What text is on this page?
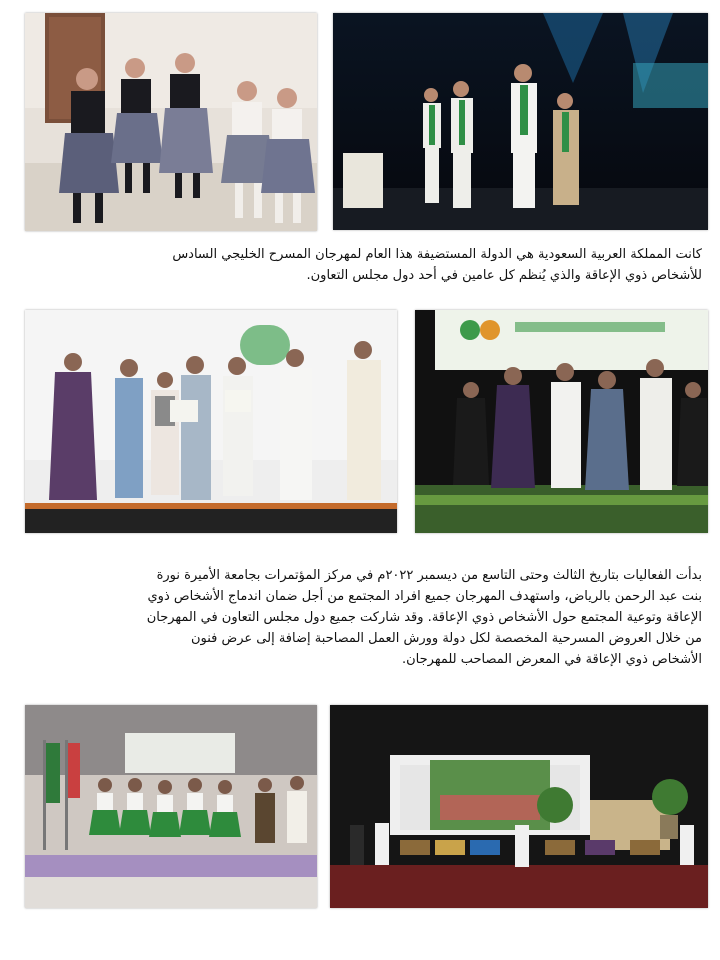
كانت المملكة العربية السعودية هي الدولة المستضيفة هذا العام لمهرجان المسرح الخليجي السادس
للأشخاص ذوي الإعاقة والذي يُنظم كل عامين في أحد دول مجلس التعاون.
بدأت الفعاليات بتاريخ الثالث وحتى التاسع من ديسمبر ٢٠٢٢م في مركز المؤتمرات بجامعة الأميرة نورة
بنت عبد الرحمن بالرياض، واستهدف المهرجان جميع افراد المجتمع من أجل ضمان اندماج الأشخاص ذوي
الإعاقة وتوعية المجتمع حول الأشخاص ذوي الإعاقة. وقد شاركت جميع دول مجلس التعاون في المهرجان
من خلال العروض المسرحية المخصصة لكل دولة وورش العمل المصاحبة إضافة إلى عرض فنون
الأشخاص ذوي الإعاقة في المعرض المصاحب للمهرجان.
